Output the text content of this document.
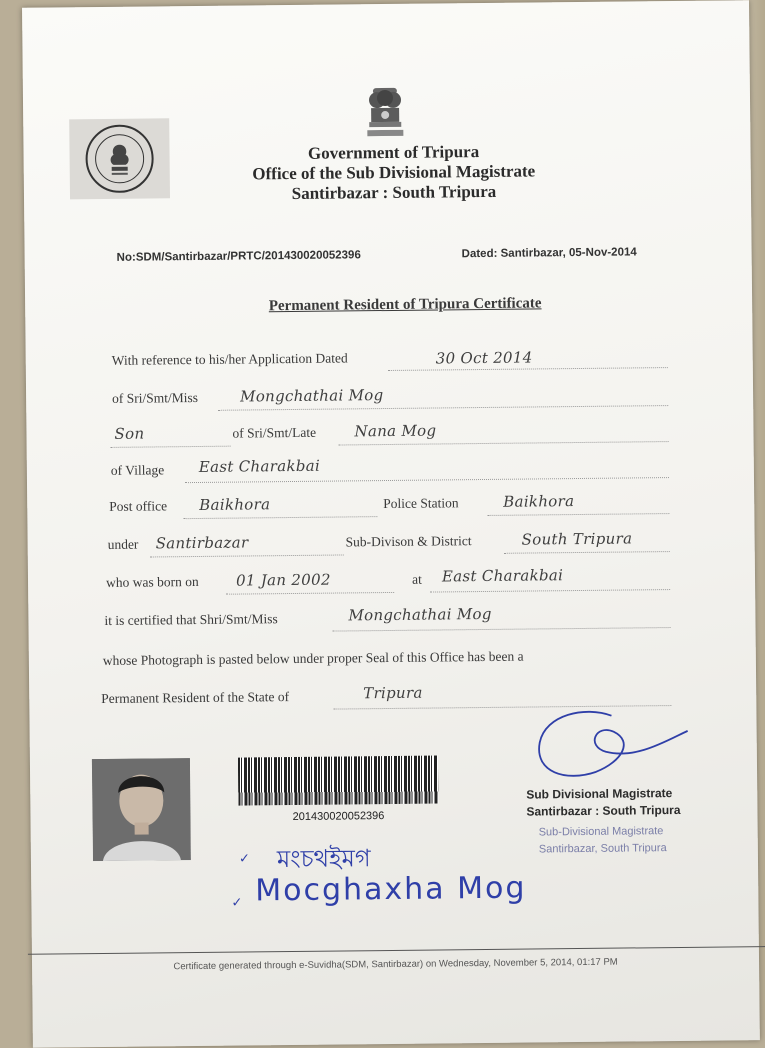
Government of Tripura
Office of the Sub Divisional Magistrate
Santirbazar : South Tripura
No:SDM/Santirbazar/PRTC/201430020052396	Dated: Santirbazar, 05-Nov-2014
Permanent Resident of Tripura Certificate
With reference to his/her Application Dated	30 Oct 2014
of Sri/Smt/Miss	Mongchathai Mog
Son	of Sri/Smt/Late	Nana Mog
of Village East Charakbai
Post office Baikhora	Police Station	Baikhora
under Santirbazar	Sub-Divison & District	South Tripura
who was born on 01 Jan 2002	at East Charakbai
it is certified that Shri/Smt/Miss	Mongchathai Mog
whose Photograph is pasted below under proper Seal of this Office has been a
Permanent Resident of the State of	Tripura
201430020052396
Sub Divisional Magistrate
Santirbazar : South Tripura
Sub-Divisional Magistrate
Santirbazar, South Tripura
✓ মংচথইমগ
✓ Mocghaxha Mog
Certificate generated through e-Suvidha(SDM, Santirbazar) on Wednesday, November 5, 2014, 01:17 PM
